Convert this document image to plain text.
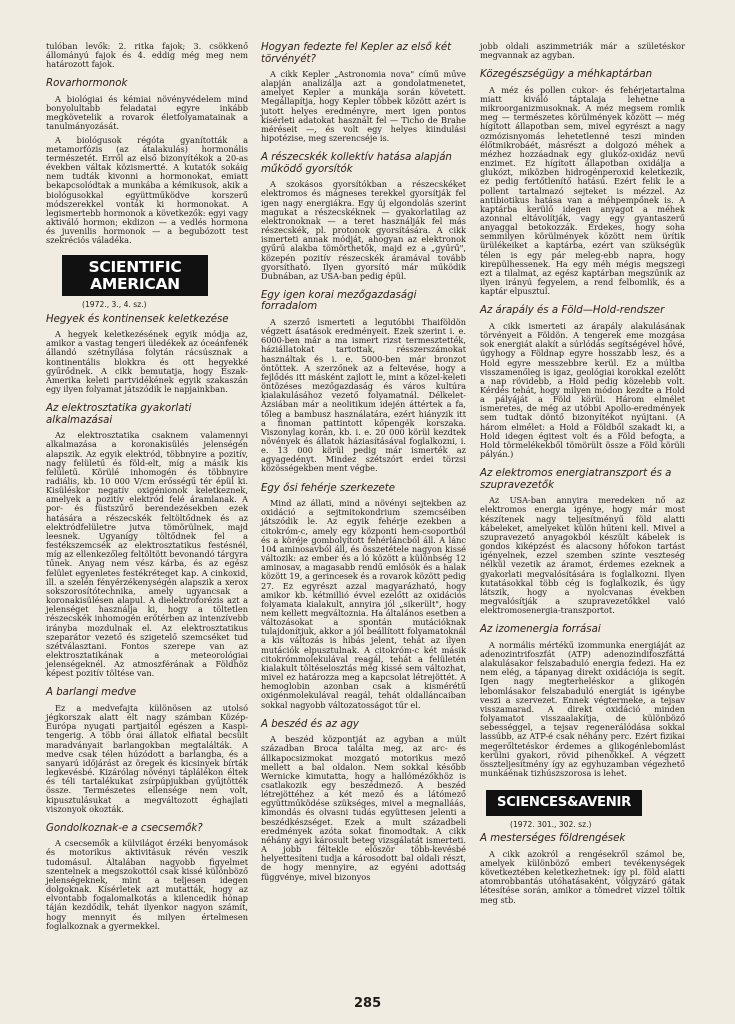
tulóban levők: 2. ritka fajok; 3. csökkenő állományú fajok és 4. eddig még meg nem határozott fajok.

Rovarhormonok

A biológiai és kémiai növényvédelem mind bonyolultabb feladatai egyre inkább megkövetelik a rovarok életfolyamatainak a tanulmányozását.

A biológusok régóta gyanították a metamorfózis (az átalakulás) hormonális természetét. Erről az első bizonyítékok a 20-as években váltak közismertté. A kutatók sokáig nem tudták kivonni a hormonokat, emiatt bekapcsolódtak a munkába a kémikusok, akik a biológusokkal együttműködve korszerű módszerekkel vonták ki hormonokat. A legismertebb hormonok a következők: egyi vagy aktiváló hormon; ekdizon — a vedlés hormona és juvenilis hormonok — a begubózott test szekréciós váladéka.

SCIENTIFIC
AMERICAN
(1972., 3., 4. sz.)
Hegyek és kontinensek keletkezése

A hegyek keletkezésének egyik módja az, amikor a vastag tengeri üledékek az óceánfenék állandó szétnyílása folytán rácsúsznak a kontinentális blokkra és ott hegyekké gyűrődnek. A cikk bemutatja, hogy Észak-Amerika keleti partvidékének egyik szakaszán egy ilyen folyamat játszódik le napjainkban.

Az elektrosztatika gyakorlati alkalmazásai

Az elektrosztatika csaknem valamennyi alkalmazása a koronakisülés jelenségén alapszik. Az egyik elektród, többnyire a pozitív, nagy felületű és föld-elt, míg a másik kis felületű. Körülé inhomogén és többnyire radiális, kb. 10 000 V/cm erősségű tér épül ki. Kisüléskor negatív oxigénionok keletkeznek, amelyek a pozitív elektród felé áramlanak. A por- és füstszűrő berendezésekben ezek hatására a részecskék feltöltődnek és az elektródfelületre jutva tömörülnek, majd leesnek. Ugyanígy töltődnek fel a festékszemcsék az elektrosztatikus festésnél, míg az ellenkezőleg feltöltött bevonandó tárgyra tűnek. Anyag nem vész kárba, és az egész felület egyenletes festékréteget kap. A cinkoxid, ill. a szelén fényérzékenységén alapszik a xerox sokszorosítótechnika, amely ugyancsak a koronakisülésen alapul. A dielektroforézis azt a jelenséget használja ki, hogy a töltetlen részecskék inhomogén erőtérben az intenzívebb irányba mozdulnak el. Az elektrosztatikus szeparátor vezető és szigetelő szemcséket tud szétválasztani. Fontos szerepe van az elektrosztatikának a meteorológiai jelenségeknél. Az atmoszférának a Földhöz képest pozitív töltése van.

A barlangi medve

Ez a medvefajta különösen az utolsó jégkorszak alatt élt nagy számban Közép-Európa nyugati partjaitól egészen a Kaspi-tengerig. A több órai állatok elfiatal becsült maradványait barlangokban megtalálták. A medve csak télen húzódott a barlangba, és a sanyarú időjárást az öregek és kicsinyek bírták legkevésbé. Kizárólag növényi táplálékon éltek és téli tartalékukat zsírpúpjukban gyűjtötték össze. Természetes ellensége nem volt, kipusztulásukat a megváltozott éghajlati viszonyok okozták.

Gondolkoznak-e a csecsemők?

A csecsemők a külvilágot érzéki benyomások és motorikus aktivitásuk révén veszik tudomásul. Általában nagyobb figyelmet szentelnek a megszokottól csak kissé különböző jelenségeknek, mint a teljesen idegen dolgoknak. Kísérletek azt mutatták, hogy az elvontabb fogalomalkotás a kilencedik hónap táján kezdődik, tehát ilyenkor nagyon számít, hogy mennyit és milyen értelmesen foglalkoznak a gyermekkel.

Hogyan fedezte fel Kepler az első két törvényét?

A cikk Kepler „Astronomia nova" című műve alapján analizálja azt a gondolatmenetet, amelyet Kepler a munkája során követett. Megállapítja, hogy Kepler többek között azért is jutott helyes eredményre, mert igen pontos kísérleti adatokat használt fel — Ticho de Brahe méréseit —, és volt egy helyes kiindulási hipotézise, meg szerencséje is.

A részecskék kollektív hatása alapján működő gyorsítók

A szokásos gyorsítókban a részecskéket elektromos és mágneses terekkel gyorsítják fel igen nagy energiákra. Egy új elgondolás szerint magukat a részecskéknek — gyakorlatilag az elektronoknak — a teret használják fel más részecskék, pl. protonok gyorsítására. A cikk ismerteti annak módját, ahogyan az elektronok gyűrű alakba tömörthetők, majd ez a „gyűrű", közepén pozitív részecskék áramával tovább gyorsítható. Ilyen gyorsító már működik Dubnában, az USA-ban pedig épül.

Egy igen korai mezőgazdasági forradalom

A szerző ismerteti a legutóbbi Thaiföldön végzett ásatások eredményeit. Ezek szerint i. e. 6000-ben már a ma ismert rizst termesztették, háziállatokat tartottak, résszerszámokat használtak és i. e. 5000-ben már bronzot öntöttek. A szerzőnek az a feltevése, hogy a fejlődés itt másként zajlott le, mint a közel-keleti öntözéses mezőgazdaság és város kultúra kialakulásához vezető folyamatnál. Délkelet-Ázsiában már a neolitikum idején áttértek a fa, tőleg a bambusz használatára, ezért hiányzik itt a finoman pattintott kőpengék korszaka. Viszonylag korán, kb. i. e. 20 000 körül kezdtek növények és állatok háziasításával foglalkozni, i. e. 13 000 körül pedig már ismerték az agyagedényt. Mindez szétszórt erdei törzsi közösségekben ment végbe.

Egy ősi fehérje szerkezete

Mind az állati, mind a növényi sejtekben az oxidáció a sejtmitokondrium szemcséiben játszódik le. Az egyik fehérje ezekben a citokróm-c, amely egy központi hem-csoportból és a köréje gombolyított fehérláncból áll. A lánc 104 aminosavból áll, és összetétele nagyon kissé változik: az ember és a ló között a különbség 12 aminosav, a magasabb rendű emlősök és a halak között 19, a gerincesek és a rovarok között pedig 27. Ez egyrészt azzal magyarázható, hogy amikor kb. kétmillió évvel ezelőtt az oxidációs folyamata kialakult, annyira jól „sikerült", hogy nem kellett megváltoznia. Ha általános esetben a változásokat a spontán mutációknak tulajdonítjuk, akkor a jól beállított folyamatoknál a kis változás is hibás jelent, tehát az ilyen mutációk elpusztulnak. A citokróm-c két másik citokrómmolekulával reagál, tehát a felületén kialakult töltéselosztás még kissé sem változhat, mivel ez határozza meg a kapcsolat létrejöttét. A hemoglobin azonban csak a kismérétű oxigénmolekulával reagál, tehát oldalláncaiban sokkal nagyobb változatosságot tűr el.

A beszéd és az agy

A beszéd központját az agyban a múlt században Broca találta meg, az arc- és állkapocsizmokat mozgató motorikus mező mellett a bal oldalon. Nem sokkal később Wernicke kimutatta, hogy a hallómézőkhöz is csatlakozik egy beszédmező. A beszéd létrejöttéhez a két mező és a látómező együttműködése szükséges, mivel a megnalláás, kimondás és olvasni tudás együttesen jelenti a beszédkészséget. Ezek a mult századbeli eredmények azóta sokat finomodtak. A cikk néhány agyi károsult beteg vizsgálatát ismerteti. A jobb féltekle először több-kevésbé helyettesíteni tudja a károsodott bal oldali részt, de hogy mennyire, az egyéni adottság függvénye, mivel bizonyos

jobb oldali aszimmetriák már a születéskor megvannak az agyban.

Közegészségügy a méhkaptárban

A méz és pollen cukor- és fehérjetartalma miatt kiváló táptalaja lehetne a mikroorganizmusoknak. A méz megsem romlik meg — természetes körülmények között — még hígított állapotban sem, mivel egyrészt a nagy ozmózisnyomás lehetetlenné teszi minden élőtmikrobáét, másrészt a dolgozó méhek a mézhez hozzáadnak egy glukóz-oxidáz nevű enzimet. Ez hígított állapotban oxidálja a glukózt, miközben hidrogénperoxid keletkezik, ez pedig fertőtlenítő hatású. Ezért felik le a pollent tartalmazó sejteket is mézzel. Az antibiotikus hatása van a méhpempőnek is. A kaptárba kerülő idegen anyagot a méhek azonnal eltávolítják, vagy egy gyantaszerű anyaggal betokozzák. Érdekes, hogy soha semmilyen körülmények között nem ürítik ürülékeiket a kaptárba, ezért van szükségük télen is egy pár meleg-ebb napra, hogy kirepülhessenek. Ha egy méh mégis megszegi ezt a tilalmat, az egész kaptárban megszűnik az ilyen irányú fegyelem, a rend felbomlik, és a kaptár elpusztul.

Az árapály és a Föld—Hold-rendszer

A cikk ismerteti az árapály alakulásának törvényeit a Földön. A tengerek eme mozgása sok energiát alakít a súrlódás segítségével hővé, úgyhogy a Földnap egyre hosszabb lesz, és a Hold egyre messzebbre kerül. Ez a múltba visszamenőleg is igaz, geológiai korokkal ezelőtt a nap rövidebb, a Hold pedig közelebb volt. Kérdés tehát, hogy milyen módon kezdte a Hold a pályáját a Föld körül. Három elmélet ismeretes, de még az utóbbi Apollo-eredmények sem tudtak döntő bizonyítékot nyújtani. (A három elmélet: a Hold a Földből szakadt ki, a Hold idegen égitest volt és a Föld befogta, a Hold törmelékekből tömörült össze a Föld körüli pályán.)

Az elektromos energiatranszport és a szupravezetők

Az USA-ban annyira meredeken nő az elektromos energia igénye, hogy már most készítenek nagy teljesítményű föld alatti kábeleket, amelyeket külön hűteni kell. Mivel a szupravezető anyagokból készült kábelek is gondos kiképzést és alacsony hőfokon tartást igényelnek, ezzel szemben szinte veszteség nélkül vezetik az áramot, érdemes ezeknek a gyakorlati megvalósítására is foglalkozni. Ilyen kutatásokkal több cég is foglalkozik, és úgy látszik, hogy a nyolcvanas években megvalósítják a szupravezetőkkel való elektromosenergia-transzportot.

Az izomenergia forrásai

A normális mértékű izommunka energiáját az adenozintrifoszfát (ATP) adenozindifoszfáttá alakulásakor felszabaduló energia fedezi. Ha ez nem elég, a tápanyag direkt oxidációja is segít. Igen nagy megterheléskor a glikogén lebomlásakor felszabaduló energiát is igénybe veszi a szervezet. Ennek végtermeke, a tejsav visszamarad. A direkt oxidáció minden folyamatot visszaalakítja, de különböző sebességgel, a tejsav regenerálódása sokkal lassúbb, az ATP-é csak néhány perc. Ezért fizikai megerőltetéskor érdemes a glikogénlebomlást kerülni gyakori, rövid pihenőkkel. A végzett összteljesítmény így az egyhuzamban végezhető munkáénak tizhúszszorosa is lehet.

SCIENCES&AVENIR
(1972. 301., 302. sz.)
A mesterséges földrengések

A cikk azokról a rengésekről számol be, amelyek különböző emberi tevékenységek következtében keletkezhetnek: így pl. föld alatti atomrobbantás utóhatásaként, völgyzáró gátak létesítése során, amikor a tömedret vízzel töltik meg stb.

285
